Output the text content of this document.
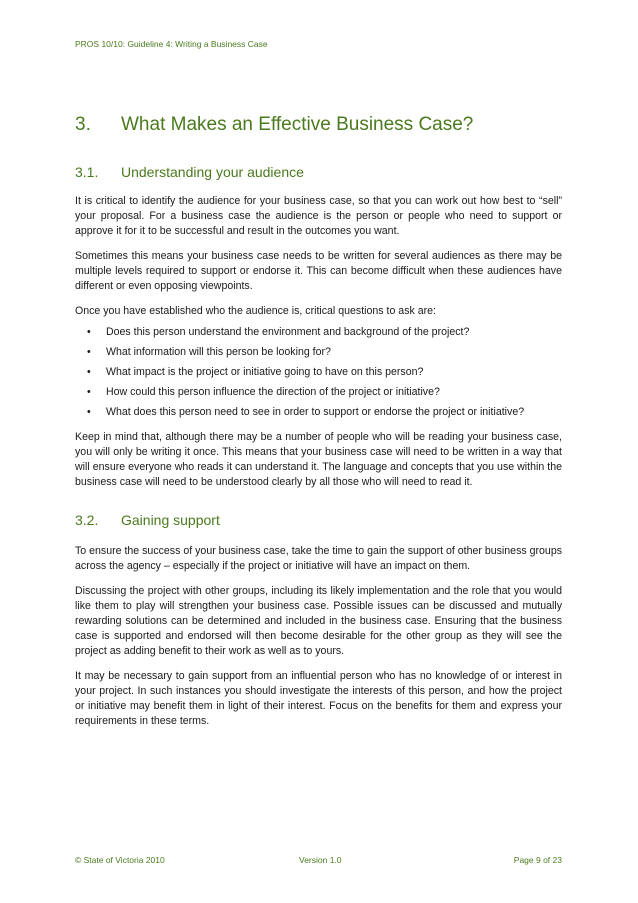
PROS 10/10: Guideline 4: Writing a Business Case
3.	What Makes an Effective Business Case?
3.1.	Understanding your audience

It is critical to identify the audience for your business case, so that you can work out how best to “sell” your proposal. For a business case the audience is the person or people who need to support or approve it for it to be successful and result in the outcomes you want.

Sometimes this means your business case needs to be written for several audiences as there may be multiple levels required to support or endorse it. This can become difficult when these audiences have different or even opposing viewpoints.

Once you have established who the audience is, critical questions to ask are:

• Does this person understand the environment and background of the project?
• What information will this person be looking for?
• What impact is the project or initiative going to have on this person?
• How could this person influence the direction of the project or initiative?
• What does this person need to see in order to support or endorse the project or initiative?

Keep in mind that, although there may be a number of people who will be reading your business case, you will only be writing it once. This means that your business case will need to be written in a way that will ensure everyone who reads it can understand it. The language and concepts that you use within the business case will need to be understood clearly by all those who will need to read it.

3.2.	Gaining support

To ensure the success of your business case, take the time to gain the support of other business groups across the agency – especially if the project or initiative will have an impact on them.

Discussing the project with other groups, including its likely implementation and the role that you would like them to play will strengthen your business case. Possible issues can be discussed and mutually rewarding solutions can be determined and included in the business case. Ensuring that the business case is supported and endorsed will then become desirable for the other group as they will see the project as adding benefit to their work as well as to yours.

It may be necessary to gain support from an influential person who has no knowledge of or interest in your project. In such instances you should investigate the interests of this person, and how the project or initiative may benefit them in light of their interest. Focus on the benefits for them and express your requirements in these terms.

© State of Victoria 2010	Version 1.0	Page 9 of 23
